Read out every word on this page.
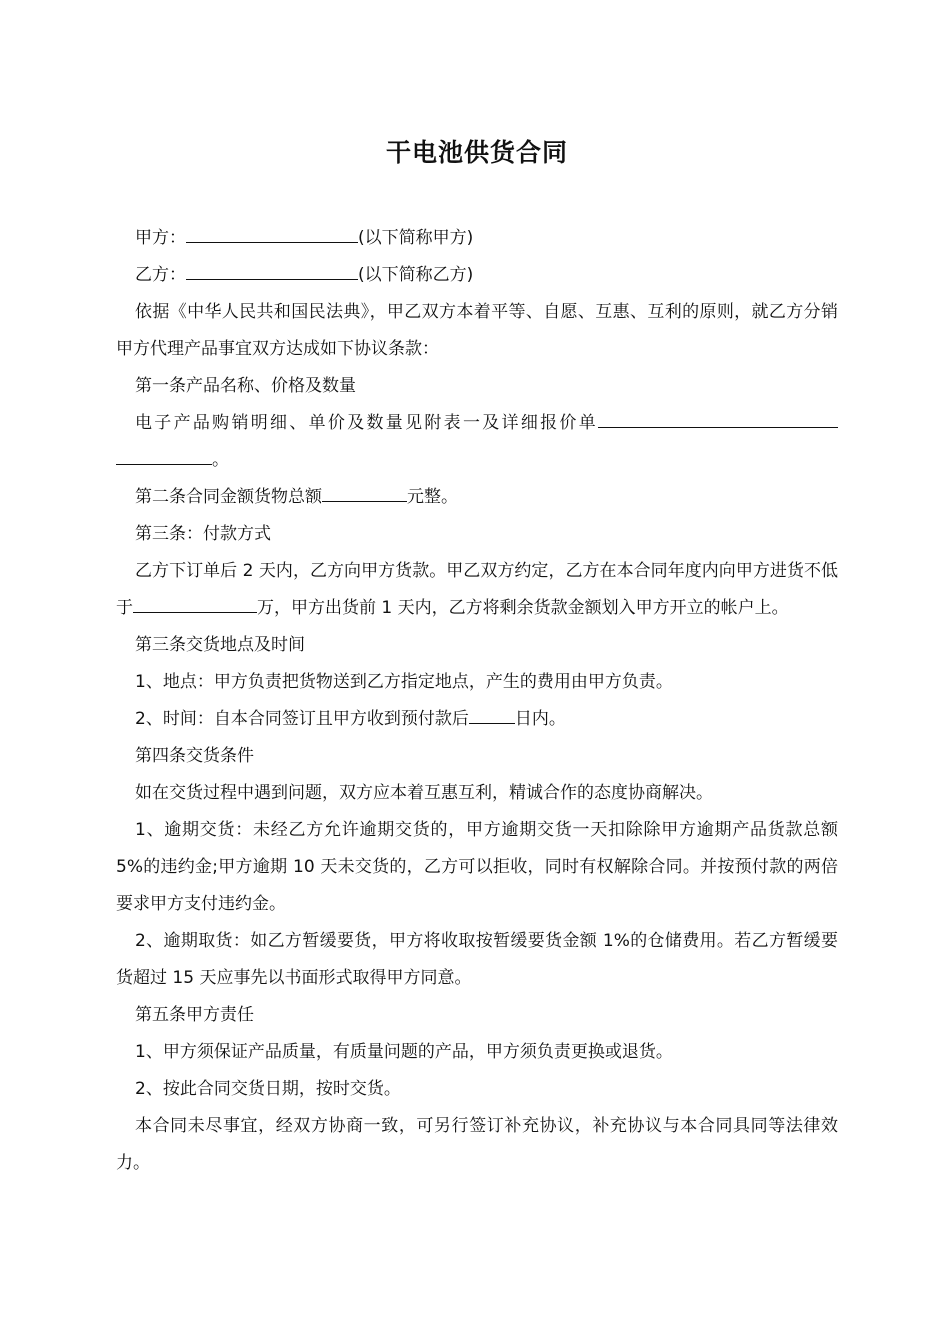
干电池供货合同

甲方：	(以下简称甲方)

乙方：	(以下简称乙方)

依据《中华人民共和国民法典》，甲乙双方本着平等、自愿、互惠、互利的原则，就乙方分销甲方代理产品事宜双方达成如下协议条款：

第一条产品名称、价格及数量

电子产品购销明细、单价及数量见附表一及详细报价单。

第二条合同金额货物总额	元整。

第三条：付款方式

乙方下订单后 2 天内，乙方向甲方货款。甲乙双方约定，乙方在本合同年度内向甲方进货不低于	万，甲方出货前 1 天内，乙方将剩余货款金额划入甲方开立的帐户上。

第三条交货地点及时间

1、地点：甲方负责把货物送到乙方指定地点，产生的费用由甲方负责。

2、时间：自本合同签订且甲方收到预付款后	日内。

第四条交货条件

如在交货过程中遇到问题，双方应本着互惠互利，精诚合作的态度协商解决。

1、逾期交货：未经乙方允许逾期交货的，甲方逾期交货一天扣除除甲方逾期产品货款总额 5%的违约金;甲方逾期 10 天未交货的，乙方可以拒收，同时有权解除合同。并按预付款的两倍要求甲方支付违约金。

2、逾期取货：如乙方暂缓要货，甲方将收取按暂缓要货金额 1%的仓储费用。若乙方暂缓要货超过 15 天应事先以书面形式取得甲方同意。

第五条甲方责任

1、甲方须保证产品质量，有质量问题的产品，甲方须负责更换或退货。

2、按此合同交货日期，按时交货。

本合同未尽事宜，经双方协商一致，可另行签订补充协议，补充协议与本合同具同等法律效力。
